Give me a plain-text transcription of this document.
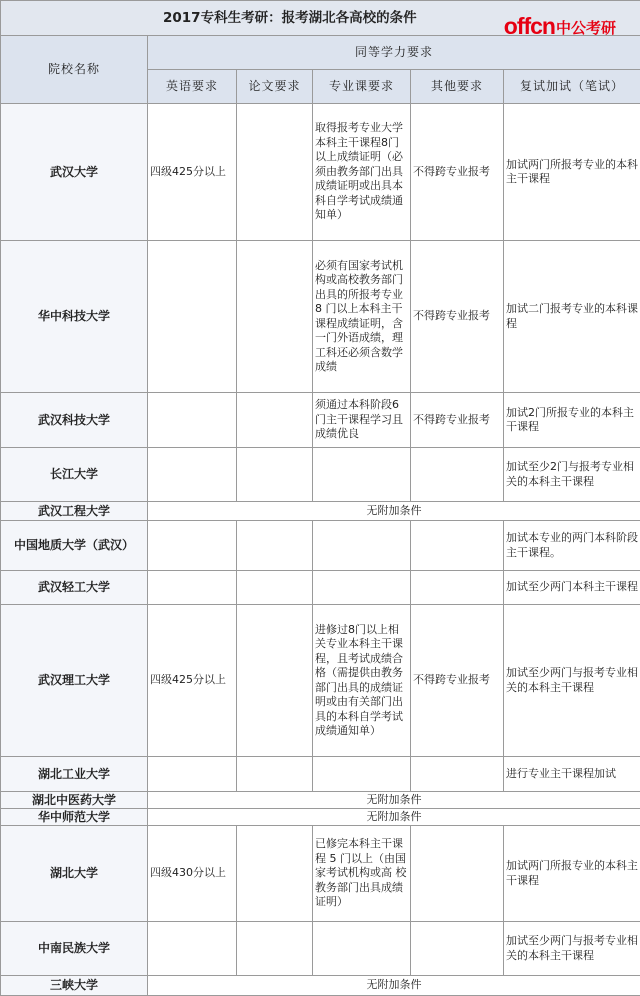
offcn 中公考研
2017专科生考研：报考湖北各高校的条件					
院校名称	同等学力要求				
	英语要求	论文要求	专业课要求	其他要求	复试加试（笔试）
武汉大学	四级425分以上		取得报考专业大学本科主干课程8门以上成绩证明（必须由教务部门出具成绩证明或出具本科自学考试成绩通知单）	不得跨专业报考	加试两门所报考专业的本科主干课程
华中科技大学			必须有国家考试机 构或高校教务部门出具的所报考专业 8 门以上本科主干课程成绩证明，含一门外语成绩，理 工科还必须含数学成绩	不得跨专业报考	加试二门报考专业的本科课程
武汉科技大学			须通过本科阶段6门主干课程学习且成绩优良	不得跨专业报考	加试2门所报专业的本科主干课程
长江大学					加试至少2门与报考专业相关的本科主干课程
武汉工程大学	无附加条件				
中国地质大学（武汉）					加试本专业的两门本科阶段主干课程。
武汉轻工大学					加试至少两门本科主干课程
武汉理工大学	四级425分以上		进修过8门以上相关专业本科主干课程，且考试成绩合格（需提供由教务部门出具的成绩证明或由有关部门出具的本科自学考试成绩通知单）	不得跨专业报考	加试至少两门与报考专业相关的本科主干课程
湖北工业大学					进行专业主干课程加试
湖北中医药大学	无附加条件				
华中师范大学	无附加条件				
湖北大学	四级430分以上		已修完本科主干课程 5 门以上（由国家考试机构或高 校教务部门出具成绩证明）		加试两门所报专业的本科主干课程
中南民族大学					加试至少两门与报考专业相关的本科主干课程
三峡大学	无附加条件				
